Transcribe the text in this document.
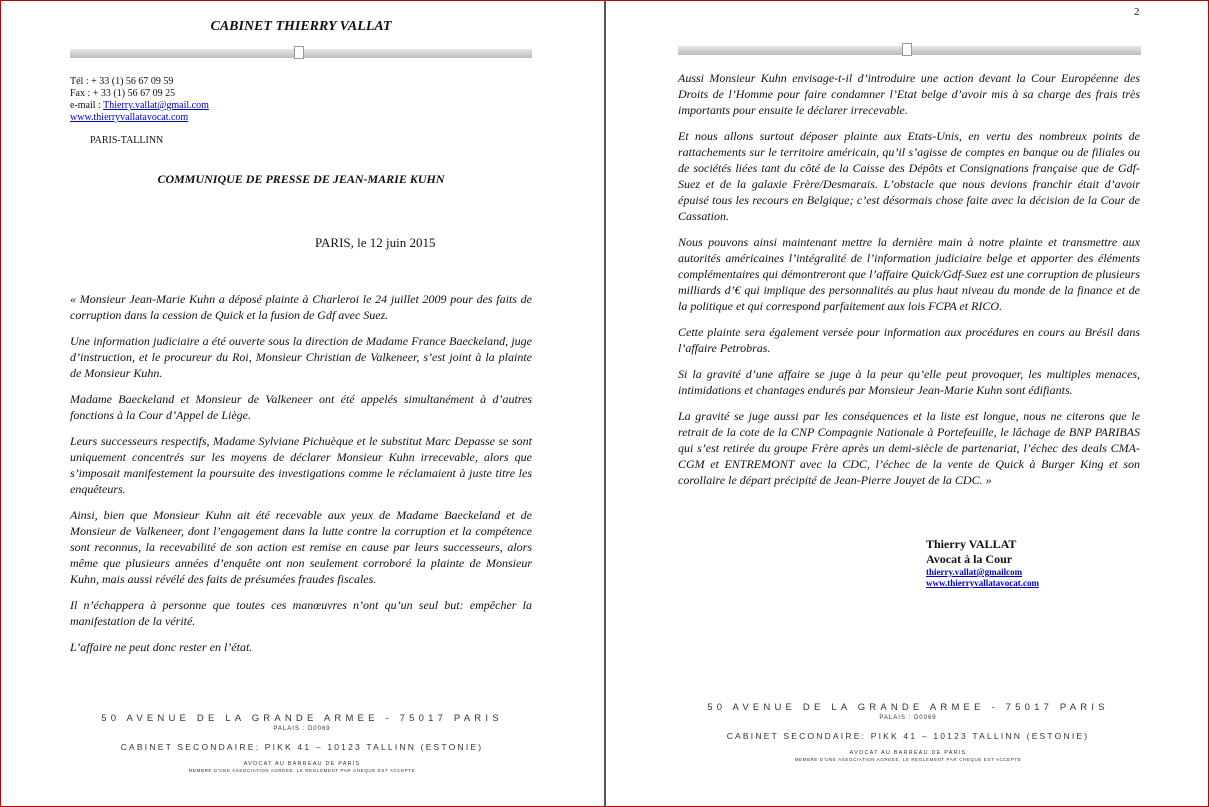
CABINET THIERRY VALLAT
Tél : + 33 (1) 56 67 09 59
Fax : + 33 (1) 56 67 09 25
e-mail : Thierry.vallat@gmail.com
www.thierryvallatavocat.com
PARIS-TALLINN
COMMUNIQUE DE PRESSE DE JEAN-MARIE KUHN
PARIS, le 12 juin 2015

« Monsieur Jean-Marie Kuhn a déposé plainte à Charleroi le 24 juillet 2009 pour des faits de corruption dans la cession de Quick et la fusion de Gdf avec Suez.

Une information judiciaire a été ouverte sous la direction de Madame France Baeckeland, juge d’instruction, et le procureur du Roi, Monsieur Christian de Valkeneer, s’est joint à la plainte de Monsieur Kuhn.

Madame Baeckeland et Monsieur de Valkeneer ont été appelés simultanément à d’autres fonctions à la Cour d’Appel de Liège.

Leurs successeurs respectifs, Madame Sylviane Pichuèque et le substitut Marc Depasse se sont uniquement concentrés sur les moyens de déclarer Monsieur Kuhn irrecevable, alors que s’imposait manifestement la poursuite des investigations comme le réclamaient à juste titre les enquêteurs.

Ainsi, bien que Monsieur Kuhn ait été recevable aux yeux de Madame Baeckeland et de Monsieur de Valkeneer, dont l’engagement dans la lutte contre la corruption et la compétence sont reconnus, la recevabilité de son action est remise en cause par leurs successeurs, alors même que plusieurs années d’enquête ont non seulement corroboré la plainte de Monsieur Kuhn, mais aussi révélé des faits de présumées fraudes fiscales.

Il n’échappera à personne que toutes ces manœuvres n’ont qu’un seul but: empêcher la manifestation de la vérité.

L’affaire ne peut donc rester en l’état.

50 AVENUE DE LA GRANDE ARMEE - 75017 PARIS
PALAIS : D0069
CABINET SECONDAIRE: PIKK 41 – 10123 TALLINN (ESTONIE)
AVOCAT AU BARREAU DE PARIS
MEMBRE D'UNE ASSOCIATION AGREEE, LE REGLEMENT PAR CHEQUE EST ACCEPTE
2

Aussi Monsieur Kuhn envisage-t-il d’introduire une action devant la Cour Européenne des Droits de l’Homme pour faire condamner l’Etat belge d’avoir mis à sa charge des frais très importants pour ensuite le déclarer irrecevable.

Et nous allons surtout déposer plainte aux Etats-Unis, en vertu des nombreux points de rattachements sur le territoire américain, qu’il s’agisse de comptes en banque ou de filiales ou de sociétés liées tant du côté de la Caisse des Dépôts et Consignations française que de Gdf-Suez et de la galaxie Frère/Desmarais. L’obstacle que nous devions franchir était d’avoir épuisé tous les recours en Belgique; c’est désormais chose faite avec la décision de la Cour de Cassation.

Nous pouvons ainsi maintenant mettre la dernière main à notre plainte et transmettre aux autorités américaines l’intégralité de l’information judiciaire belge et apporter des éléments complémentaires qui démontreront que l’affaire Quick/Gdf-Suez est une corruption de plusieurs milliards d’€ qui implique des personnalités au plus haut niveau du monde de la finance et de la politique et qui correspond parfaitement aux lois FCPA et RICO.

Cette plainte sera également versée pour information aux procédures en cours au Brésil dans l’affaire Petrobras.

Si la gravité d’une affaire se juge à la peur qu’elle peut provoquer, les multiples menaces, intimidations et chantages endurés par Monsieur Jean-Marie Kuhn sont édifiants.

La gravité se juge aussi par les conséquences et la liste est longue, nous ne citerons que le retrait de la cote de la CNP Compagnie Nationale à Portefeuille, le lâchage de BNP PARIBAS qui s’est retirée du groupe Frère après un demi-siècle de partenariat, l’échec des deals CMA-CGM et ENTREMONT avec la CDC, l’échec de la vente de Quick à Burger King et son corollaire le départ précipité de Jean-Pierre Jouyet de la CDC. »

Thierry VALLAT
Avocat à la Cour
thierry.vallat@gmailcom
www.thierryvallatavocat.com
50 AVENUE DE LA GRANDE ARMEE - 75017 PARIS
PALAIS : D0069
CABINET SECONDAIRE: PIKK 41 – 10123 TALLINN (ESTONIE)
AVOCAT AU BARREAU DE PARIS
MEMBRE D'UNE ASSOCIATION AGREEE, LE REGLEMENT PAR CHEQUE EST ACCEPTE
